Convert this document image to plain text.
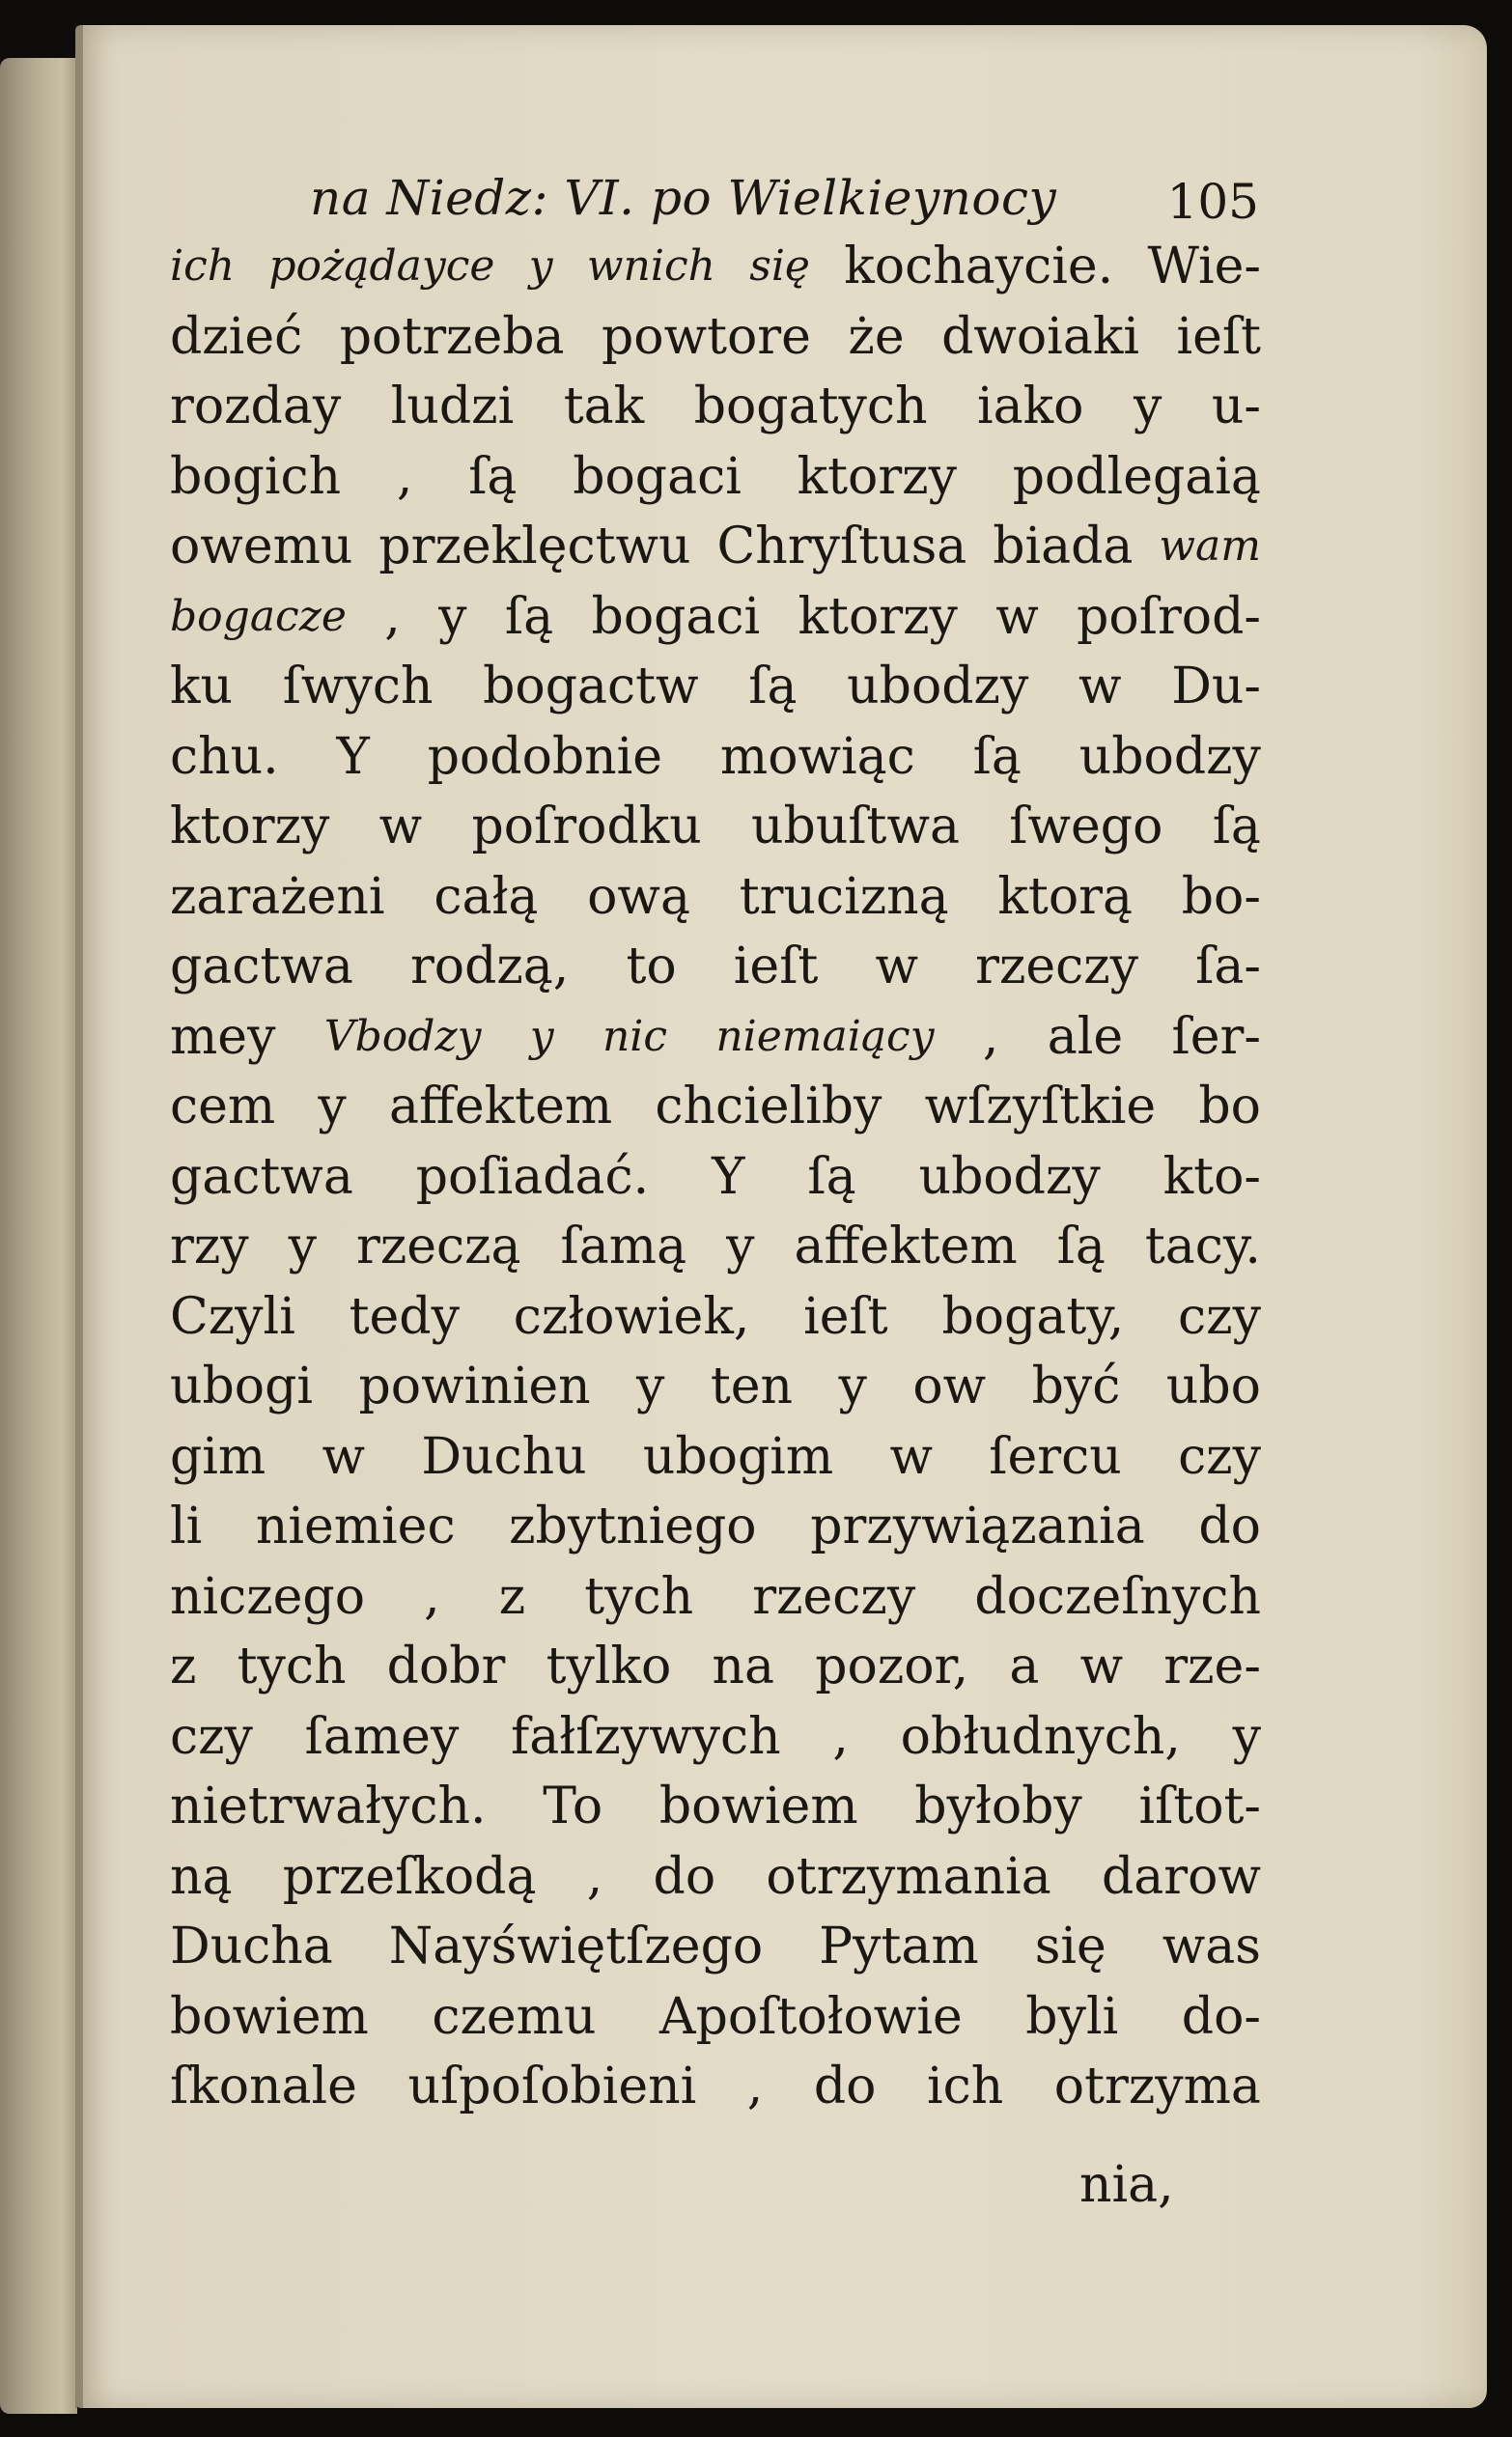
na Niedz: VI. po Wielkieynocy 105
ich pożądayce y wnich się kochaycie. Wie-
dzieć potrzeba powtore że dwoiaki ieſt
rozday ludzi tak bogatych iako y u-
bogich , ſą bogaci ktorzy podlegaią
owemu przeklęctwu Chryſtusa biada wam
bogacze , y ſą bogaci ktorzy w poſrod-
ku ſwych bogactw ſą ubodzy w Du-
chu. Y podobnie mowiąc ſą ubodzy
ktorzy w poſrodku ubuſtwa ſwego ſą
zarażeni całą ową trucizną ktorą bo-
gactwa rodzą, to ieſt w rzeczy ſa-
mey Vbodzy y nic niemaiący , ale ſer-
cem y affektem chcieliby wſzyſtkie bo
gactwa poſiadać. Y ſą ubodzy kto-
rzy y rzeczą ſamą y affektem ſą tacy.
Czyli tedy człowiek, ieſt bogaty, czy
ubogi powinien y ten y ow być ubo
gim w Duchu ubogim w ſercu czy
li niemiec zbytniego przywiązania do
niczego , z tych rzeczy doczeſnych
z tych dobr tylko na pozor, a w rze-
czy ſamey fałſzywych , obłudnych, y
nietrwałych. To bowiem byłoby iſtot-
ną przeſkodą , do otrzymania darow
Ducha Nayświętſzego Pytam się was
bowiem czemu Apoſtołowie byli do-
ſkonale uſpoſobieni , do ich otrzyma
nia,
